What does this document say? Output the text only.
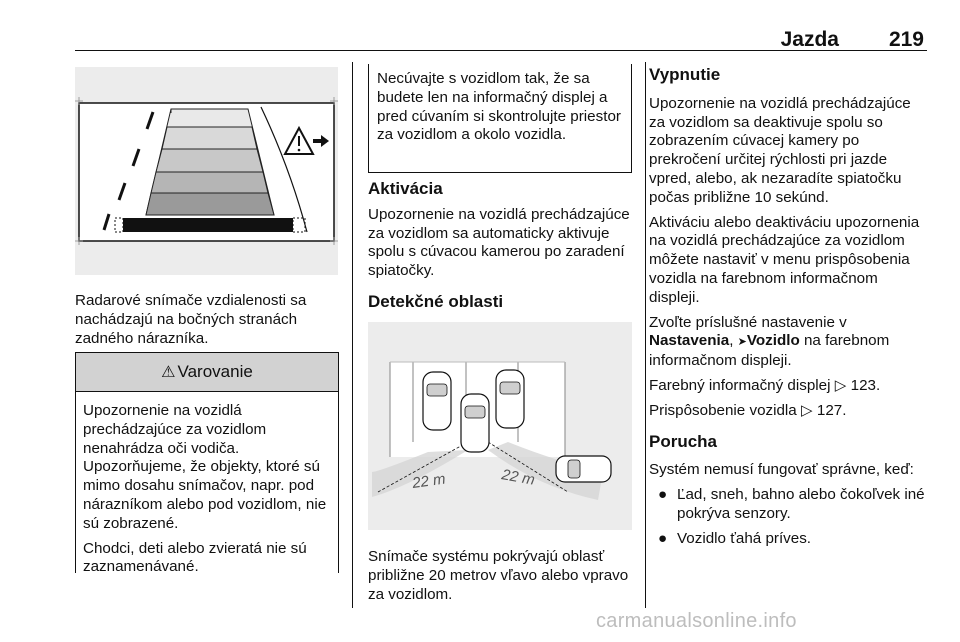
Jazda 219

Radarové snímače vzdialenosti sa nachádzajú na bočných stranách zadného nárazníka.

⚠ Varovanie

Upozornenie na vozidlá prechádzajúce za vozidlom nenahrádza oči vodiča. Upozorňujeme, že objekty, ktoré sú mimo dosahu snímačov, napr. pod nárazníkom alebo pod vozidlom, nie sú zobrazené.

Chodci, deti alebo zvieratá nie sú zaznamenávané.

Necúvajte s vozidlom tak, že sa budete len na informačný displej a pred cúvaním si skontrolujte priestor za vozidlom a okolo vozidla.
Aktivácia

Upozornenie na vozidlá prechádzajúce za vozidlom sa automaticky aktivuje spolu s cúvacou kamerou po zaradení spiatočky.

Detekčné oblasti
22 m	22 m

Snímače systému pokrývajú oblasť približne 20 metrov vľavo alebo vpravo za vozidlom.

Vypnutie

Upozornenie na vozidlá prechádzajúce za vozidlom sa deaktivuje spolu so zobrazením cúvacej kamery po prekročení určitej rýchlosti pri jazde vpred, alebo, ak nezaradíte spiatočku počas približne 10 sekúnd.

Aktiváciu alebo deaktiváciu upozornenia na vozidlá prechádzajúce za vozidlom môžete nastaviť v menu prispôsobenia vozidla na farebnom informačnom displeji.

Zvoľte príslušné nastavenie v Nastavenia, ➤Vozidlo na farebnom informačnom displeji.

Farebný informačný displej ▷ 123.

Prispôsobenie vozidla ▷ 127.

Porucha

Systém nemusí fungovať správne, keď:

● Ľad, sneh, bahno alebo čokoľvek iné pokrýva senzory.
● Vozidlo ťahá príves.
carmanualsonline.info
